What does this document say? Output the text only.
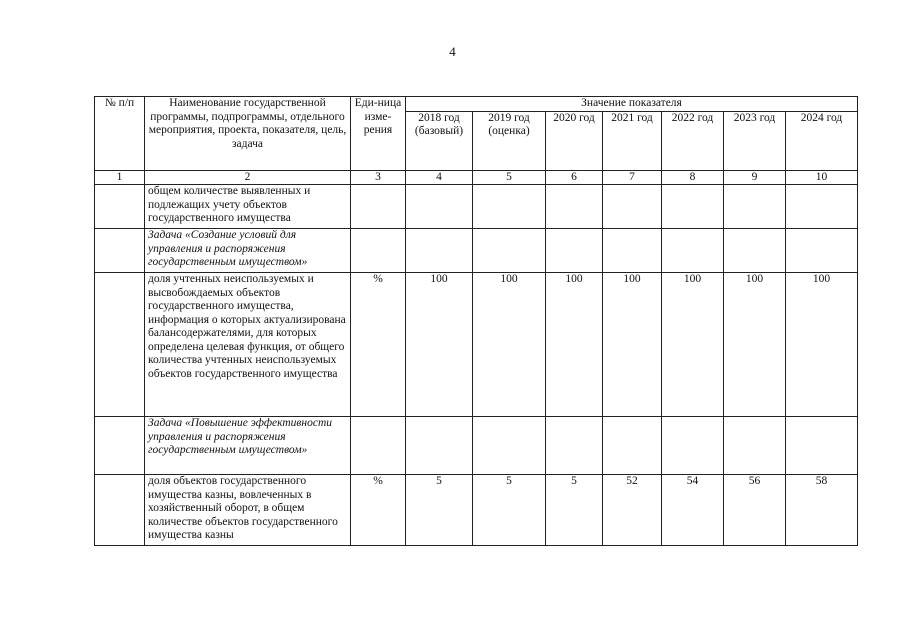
4
№ п/п	Наименование государственной программы, подпрограммы, отдельного мероприятия, проекта, показателя, цель, задача	Еди-ница изме-рения	Значение показателя						
			2018 год (базовый)	2019 год (оценка)	2020 год	2021 год	2022 год	2023 год	2024 год
1	2	3	4	5	6	7	8	9	10
	общем количестве выявленных и подлежащих учету объектов государственного имущества								
	Задача «Создание условий для управления и распоряжения государственным имуществом»								
	доля учтенных неиспользуемых и высвобождаемых объектов государственного имущества, информация о которых актуализирована балансодержателями, для которых определена целевая функция, от общего количества учтенных неиспользуемых объектов государственного имущества	%	100	100	100	100	100	100	100
	Задача «Повышение эффективности управления и распоряжения государственным имуществом»								
	доля объектов государственного имущества казны, вовлеченных в хозяйственный оборот, в общем количестве объектов государственного имущества казны	%	5	5	5	52	54	56	58
